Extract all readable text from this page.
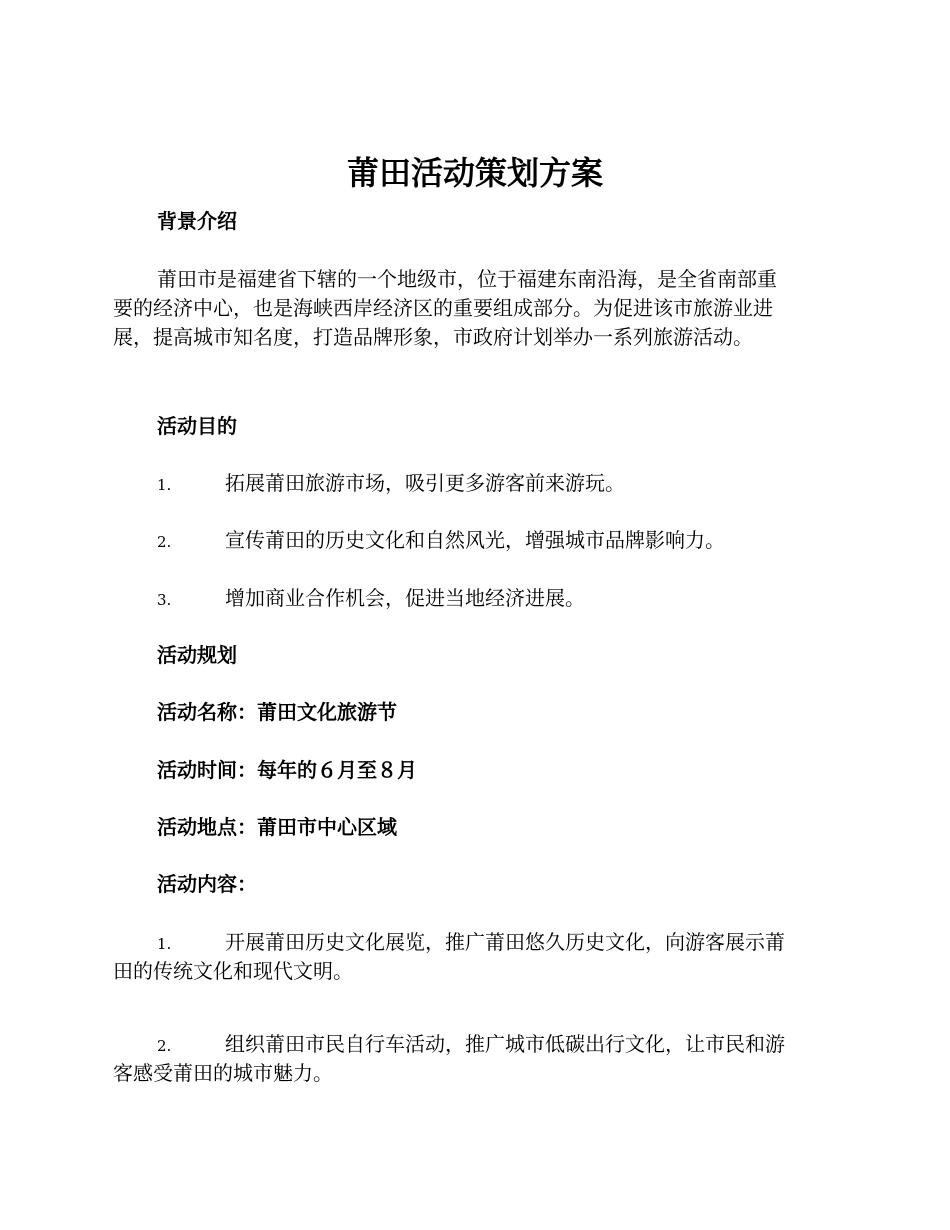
莆田活动策划方案
背景介绍
莆田市是福建省下辖的一个地级市，位于福建东南沿海，是全省南部重
要的经济中心，也是海峡西岸经济区的重要组成部分。为促进该市旅游业进
展，提高城市知名度，打造品牌形象，市政府计划举办一系列旅游活动。
活动目的
1.	拓展莆田旅游市场，吸引更多游客前来游玩。
2.	宣传莆田的历史文化和自然风光，增强城市品牌影响力。
3.	增加商业合作机会，促进当地经济进展。
活动规划
活动名称：莆田文化旅游节
活动时间：每年的６月至８月
活动地点：莆田市中心区域
活动内容：
1.	开展莆田历史文化展览，推广莆田悠久历史文化，向游客展示莆
田的传统文化和现代文明。
2.	组织莆田市民自行车活动，推广城市低碳出行文化，让市民和游
客感受莆田的城市魅力。
